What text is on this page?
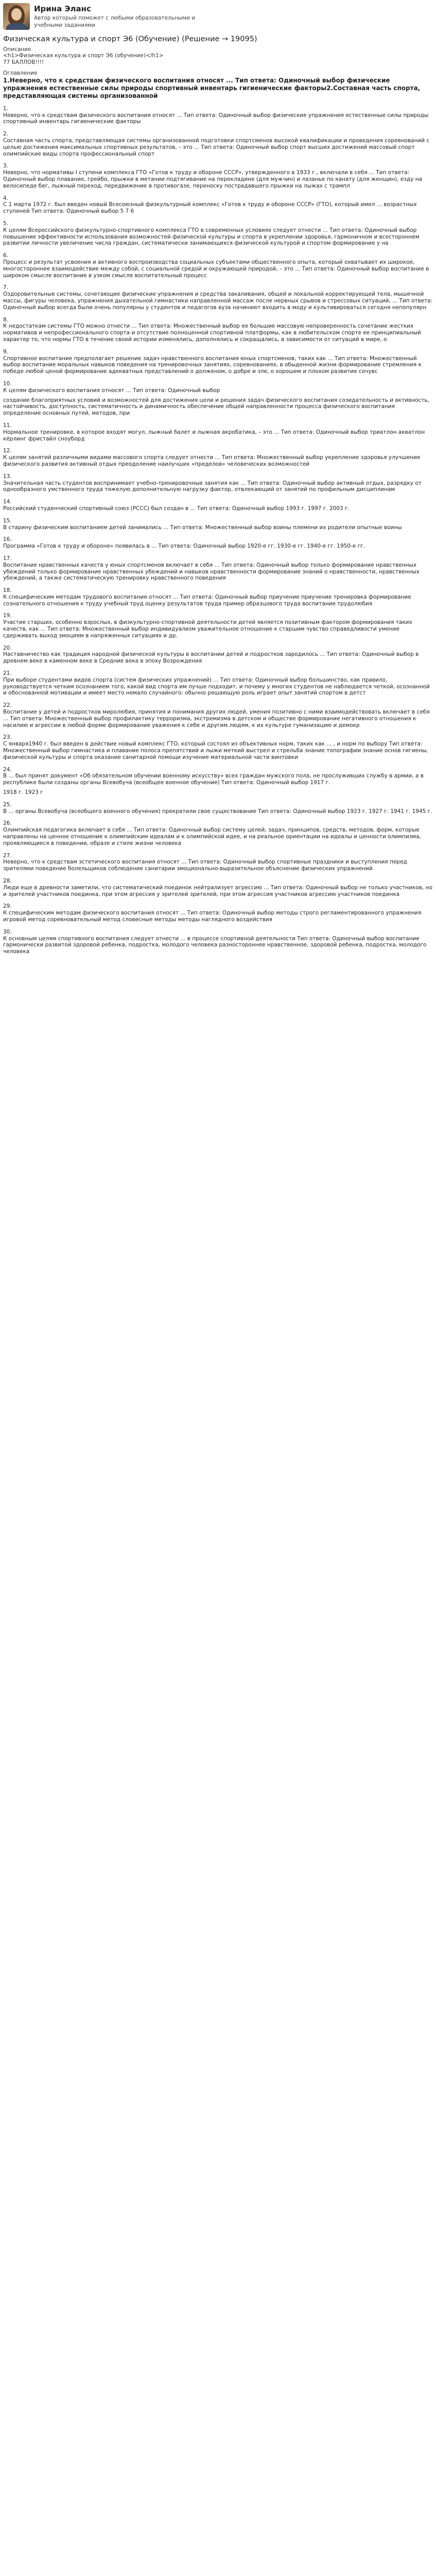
Ирина Эланс
Автор который поможет с любыми образовательными и
учебными заданиями
Физическая культура и спорт Э6 (Обучение) (Решение → 19095)
Описание
<h1>Физическая культура и спорт Э6 (обучение)</h1>
77 БАЛЛОВ!!!!
Оглавление
1.Неверно, что к средствам физического воспитания относят ... Тип ответа: Одиночный выбор физические упражнения естественные силы природы спортивный инвентарь гигиенические факторы2.Составная часть спорта, представляющая системы организованной
1.
Неверно, что к средствам физического воспитания относят ... Тип ответа: Одиночный выбор физические упражнения естественные силы природы спортивный инвентарь гигиенические факторы
2.
Составная часть спорта, представляющая системы организованной подготовки спортсменов высокой квалификации и проведения соревнований с целью достижения максимальных спортивных результатов, – это ... Тип ответа: Одиночный выбор спорт высших достижений массовый спорт олимпийские виды спорта профессиональный спорт
3.
Неверно, что нормативы I ступени комплекса ГТО «Готов к труду и обороне СССР», утвержденного в 1933 г., включали в себя ... Тип ответа: Одиночный выбор плавание, грейбо, прыжки в метании подтягивание на перекладине (для мужчин) и лазанье по канату (для женщин), езду на велосипеде бег, лыжный переход, передвижение в противогазе, переноску пострадавшего прыжки на лыжах с трампл
4.
С 1 марта 1972 г. был введен новый Всесоюзный физкультурный комплекс «Готов к труду и обороне СССР» (ГТО), который имел ... возрастных ступеней Тип ответа: Одиночный выбор 5 7 6
5.
К целям Всероссийского физкультурно-спортивного комплекса ГТО в современных условиях следует отнести ... Тип ответа: Одиночный выбор повышение эффективности использования возможностей физической культуры и спорта в укреплении здоровья, гармоничном и всестороннем развитии личности увеличение числа граждан, систематически занимающихся физической культурой и спортом формирование у на
6.
Процесс и результат усвоения и активного воспроизводства социальных субъектами общественного опыта, который охватывает их широкое, многостороннее взаимодействие между собой, с социальной средой и окружающей природой, – это ... Тип ответа: Одиночный выбор воспитание в широком смысле воспитание в узком смысле воспитательный процесс
7.
Оздоровительные системы, сочетающие физические упражнения и средства закаливания, общей и локальной корректирующей тела, мышечной массы, фигуры человека, упражнения дыхательной гимнастики направленной массаж после нервных срывов и стрессовых ситуаций, ... Тип ответа: Одиночный выбор всегда были очень популярны у студентов и педагогов вуза начинают входить в моду и культивироваться сегодня непопулярн
8.
К недостаткам системы ГТО можно отнести ... Тип ответа: Множественный выбор ее большие массовую непроверенность сочетание жестких нормативов и непрофессионального спорта и отсутствие полноценной спортивной платформы, как в любительском спорте ее принципиальный характер то, что нормы ГТО в течение своей истории изменялись, дополнялись и сокращались, в зависимости от ситуаций в мире, о
9.
Спортивное воспитание предполагает решение задач нравственного воспитания юных спортсменов, таких как ... Тип ответа: Множественный выбор воспитание моральных навыков поведения на тренировочных занятиях, соревнованиях, в обыденной жизни формирование стремления к победе любой ценой формирование адекватных представлений о долженом, о добре и зле, о хорошем и плохом развитие сочувс
10.
К целям физического воспитания относят ... Тип ответа: Одиночный выбор
создание благоприятных условий и возможностей для достижения цели и решения задач физического воспитания созидательность и активность, настойчивость, доступность, систематичность и динамичность обеспечение общей направленности процесса физического воспитания определение основных путей, методов, при
11.
Нормальное тренировке, в которое входят могул, лыжный балет и лыжная акробатика, – это ... Тип ответа: Одиночный выбор триатлон акватлон кёрлинг фристайл сноуборд
12.
К целям занятий различными видами массового спорта следует отнести ... Тип ответа: Множественный выбор укрепление здоровья улучшение физического развития активный отдых преодоление наилучших «пределов» человеческих возможностей
13.
Значительная часть студентов воспринимает учебно-тренировочные занятия как ... Тип ответа: Одиночный выбор активный отдых, разрядку от однообразного умственного труда тяжелую дополнительную нагрузку фактор, отвлекающий от занятий по профильным дисциплинам
14.
Российский студенческий спортивный союз (РССС) был создан в ... Тип ответа: Одиночный выбор 1993 г. 1997 г. 2003 г.
15.
В старину физическим воспитанием детей занимались ... Тип ответа: Множественный выбор воины племени их родители опытные воины
16.
Программа «Готов к труду и обороне» появилась в ... Тип ответа: Одиночный выбор 1920-е гг. 1930-е гг. 1940-е гг. 1950-е гг.
17.
Воспитание нравственных качеств у юных спортсменов включает в себя ... Тип ответа: Одиночный выбор только формирование нравственных убеждений только формирование нравственных убеждений и навыков нравственности формирование знаний о нравственности, нравственных убеждений, а также систематическую тренировку нравственного поведения
18.
К специфическим методам трудового воспитания относят ... Тип ответа: Одиночный выбор приучение приучение тренировка формирование сознательного отношения к труду учебный труд оценку результатов труда пример образцового труда воспитание трудолюбия
19.
Участие старших, особенно взрослых, в физкультурно-спортивной деятельности детей является позитивным фактором формирования таких качеств, как ... Тип ответа: Множественный выбор индивидуализм уважительное отношение к старшим чувство справедливости умение сдерживать выход эмоциям в напряженных ситуациях и др.
20.
Наставничество как традиция народной физической культуры в воспитании детей и подростков зародилось ... Тип ответа: Одиночный выбор в древнем веке в каменном веке в Средние века в эпоху Возрождения
21.
При выборе студентами видов спорта (систем физических упражнений) ... Тип ответа: Одиночный выбор большинство, как правило, руководствуется четким осознанием того, какой вид спорта им лучше подходит, и почему у многих студентов не наблюдается четкой, осознанной и обоснованной мотивации и имеет место немало случайного: обычно решающую роль играет опыт занятий спортом в детст
22.
Воспитание у детей и подростков миролюбия, принятия и понимания других людей, умения позитивно с ними взаимодействовать включает в себя ... Тип ответа: Множественный выбор профилактику терроризма, экстремизма в детском и обществе формирование негативного отношения к насилию и агрессии в любой форме формирование уважения к себе и другим людям, к их культуре гуманизацию и демокр
23.
С января1940 г. был введен в действие новый комплекс ГТО, который состоял из объективных норм, таких как ... , и норм по выбору Тип ответа: Множественный выбор гимнастика и плавание полоса препятствий и лыжи меткий выстрел и стрельба знание топографии знание основ гигиены, физической культуры и спорта оказание санитарной помощи изучение материальной части винтовки
24.
В ... был принят документ «Об обязательном обучении военному искусству» всех граждан мужского пола, не прослуживших службу в армии, а в республике были созданы органы Всевобуча (всеобщее военное обучение) Тип ответа: Одиночный выбор 1917 г.
1918 г. 1923 г
25.
В ... органы Всевобуча (всеобщего военного обучения) прекратили свое существование Тип ответа: Одиночный выбор 1923 г. 1927 г. 1941 г. 1945 г.
26.
Олимпийская педагогика включает в себя ... Тип ответа: Одиночный выбор систему целей, задач, принципов, средств, методов, форм, которые направлены на ценное отношение к олимпийским идеалам и к олимпийской идее, и на реальное ориентации на идеалы и ценности олимпизма, проявляющиеся в поведении, образе и стиле жизни человека
27.
Неверно, что к средствам эстетического воспитания относят ... Тип ответа: Одиночный выбор спортивные праздники и выступления перед зрителями поведение болельщиков соблюдение санитарии эмоционально-выразительное объяснение физических упражнений
28.
Люди еще в древности заметили, что систематический поединок нейтрализует агрессию ... Тип ответа: Одиночный выбор не только участников, но и зрителей участников поединка, при этом агрессия у зрителей зрителей, при этом агрессия участников агрессию участников поединка
29.
К специфическим методам физического воспитания относят ... Тип ответа: Одиночный выбор методы строго регламентированного упражнения игровой метод соревновательный метод словесные методы методы наглядного воздействия
30.
К основным целям спортивного воспитания следует отнести ... в процессе спортивной деятельности Тип ответа: Одиночный выбор воспитание гармонически развитой здоровой ребенка, подростка, молодого человека разностороннее нравственное, здоровой ребенка, подростка, молодого человека
